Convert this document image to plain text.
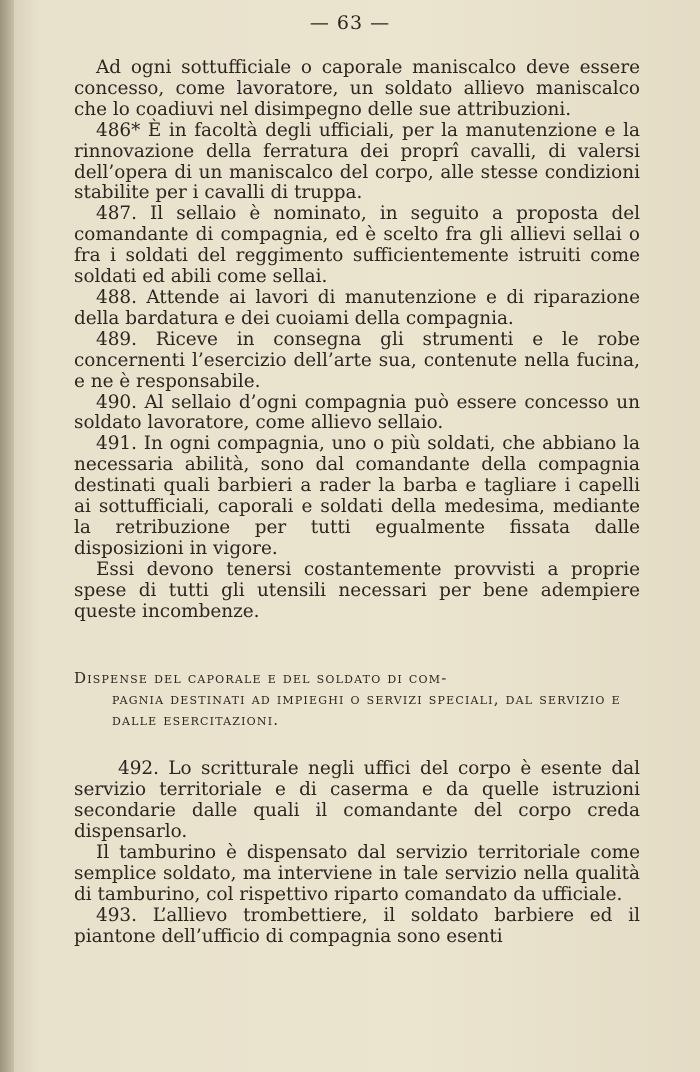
— 63 —

Ad ogni sottufficiale o caporale maniscalco deve essere concesso, come lavoratore, un soldato allievo maniscalco che lo coadiuvi nel disimpegno delle sue attribuzioni.

486* È in facoltà degli ufficiali, per la manutenzione e la rinnovazione della ferratura dei proprî cavalli, di valersi dell’opera di un maniscalco del corpo, alle stesse condizioni stabilite per i cavalli di truppa.

487. Il sellaio è nominato, in seguito a proposta del comandante di compagnia, ed è scelto fra gli allievi sellai o fra i soldati del reggimento sufficientemente istruiti come soldati ed abili come sellai.

488. Attende ai lavori di manutenzione e di riparazione della bardatura e dei cuoiami della compagnia.

489. Riceve in consegna gli strumenti e le robe concernenti l’esercizio dell’arte sua, contenute nella fucina, e ne è responsabile.

490. Al sellaio d’ogni compagnia può essere concesso un soldato lavoratore, come allievo sellaio.

491. In ogni compagnia, uno o più soldati, che abbiano la necessaria abilità, sono dal comandante della compagnia destinati quali barbieri a rader la barba e tagliare i capelli ai sottufficiali, caporali e soldati della medesima, mediante la retribuzione per tutti egualmente fissata dalle disposizioni in vigore.

Essi devono tenersi costantemente provvisti a proprie spese di tutti gli utensili necessari per bene adempiere queste incombenze.

Dispense del caporale e del soldato di com-
pagnia destinati ad impieghi o servizi speciali, dal servizio e dalle esercitazioni.

492. Lo scritturale negli uffici del corpo è esente dal servizio territoriale e di caserma e da quelle istruzioni secondarie dalle quali il comandante del corpo creda dispensarlo.

Il tamburino è dispensato dal servizio territoriale come semplice soldato, ma interviene in tale servizio nella qualità di tamburino, col rispettivo riparto comandato da ufficiale.

493. L’allievo trombettiere, il soldato barbiere ed il piantone dell’ufficio di compagnia sono esenti
